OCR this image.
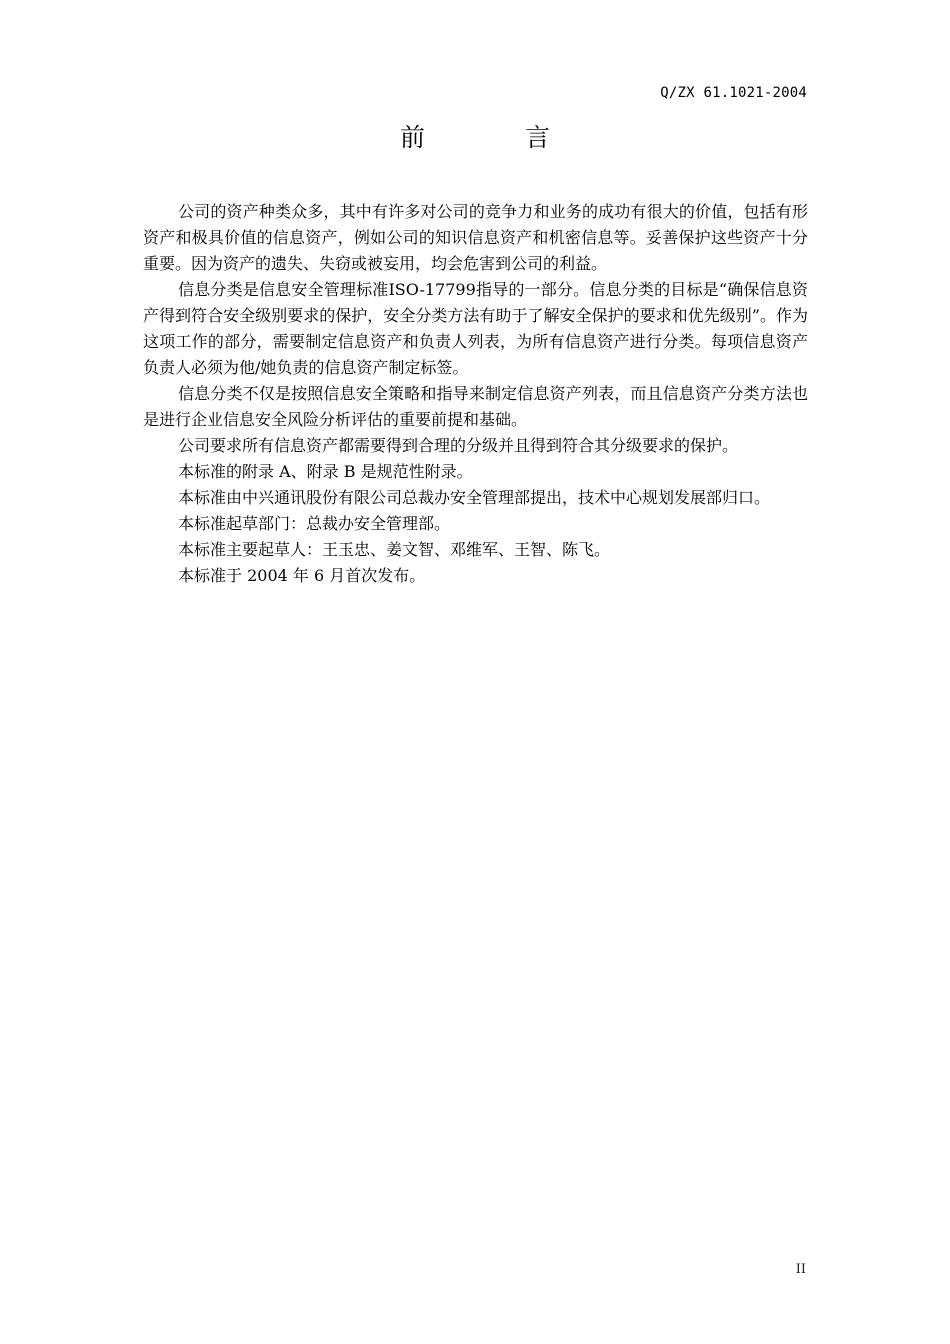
Q/ZX 61.1021-2004
前 言

公司的资产种类众多，其中有许多对公司的竞争力和业务的成功有很大的价值，包括有形资产和极具价值的信息资产，例如公司的知识信息资产和机密信息等。妥善保护这些资产十分重要。因为资产的遗失、失窃或被妄用，均会危害到公司的利益。

信息分类是信息安全管理标准ISO-17799指导的一部分。信息分类的目标是“确保信息资产得到符合安全级别要求的保护，安全分类方法有助于了解安全保护的要求和优先级别”。作为这项工作的部分，需要制定信息资产和负责人列表，为所有信息资产进行分类。每项信息资产负责人必须为他/她负责的信息资产制定标签。

信息分类不仅是按照信息安全策略和指导来制定信息资产列表，而且信息资产分类方法也是进行企业信息安全风险分析评估的重要前提和基础。

公司要求所有信息资产都需要得到合理的分级并且得到符合其分级要求的保护。

本标准的附录 A、附录 B 是规范性附录。

本标准由中兴通讯股份有限公司总裁办安全管理部提出，技术中心规划发展部归口。

本标准起草部门：总裁办安全管理部。

本标准主要起草人：王玉忠、姜文智、邓维军、王智、陈飞。

本标准于 2004 年 6 月首次发布。

II
